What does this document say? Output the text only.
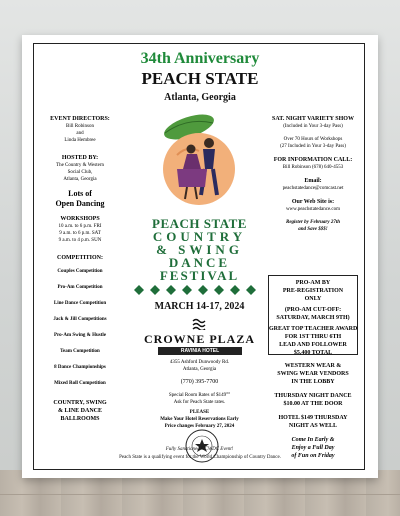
34th Anniversary
PEACH STATE
Atlanta, Georgia
EVENT DIRECTORS:
Bill Robinson
and
Linda Hembree
HOSTED BY:
The Country & Western
Social Club,
Atlanta, Georgia
Lots of
Open Dancing
WORKSHOPS
10 a.m. to 6 p.m. FRI
9 a.m. to 6 p.m. SAT
9 a.m. to 4 p.m. SUN
COMPETITION:
Couples Competition
Pro-Am Competition
Line Dance Competition
Jack & Jill Competitions
Pro-Am Swing & Hustle
Team Competition
8 Dance Championships
Mixed Roll Competition
COUNTRY, SWING
& LINE DANCE
BALLROOMS
PEACH STATE
COUNTRY
& SWING
DANCE
FESTIVAL
MARCH 14-17, 2024
CROWNE PLAZA
RAVINIA HOTEL
4355 Ashford Dunwoody Rd.
Atlanta, Georgia
(770) 395-7700
Special Room Rates of $149°°
Ask for Peach State rates.
PLEASE
Make Your Hotel Reservations Early
Price changes February 27, 2024
Fully Sanctioned UCWDC Event!
SAT. NIGHT VARIETY SHOW
(Included in Your 3-day Pass)
Over 70 Hours of Workshops
(27 Included in Your 3-day Pass)
FOR INFORMATION CALL:
Bill Robinson (678) 640-4553
Email:
peachstatedance@comcast.net
Our Web Site is:
www.peachstatedance.com
Register by February 27th
and Save $$$!
PRO-AM BY
PRE-REGISTRATION
ONLY
(PRO-AM CUT-OFF:
SATURDAY, MARCH 9TH)
GREAT TOP TEACHER AWARD
FOR 1ST THRU 6TH
LEAD AND FOLLOWER
$5,400 TOTAL
WESTERN WEAR &
SWING WEAR VENDORS
IN THE LOBBY
THURSDAY NIGHT DANCE
$10.00 AT THE DOOR
HOTEL $149 THURSDAY
NIGHT AS WELL
Come In Early &
Enjoy a Full Day
of Fun on Friday
Peach State is a qualifying event for the World Championship of Country Dance.
